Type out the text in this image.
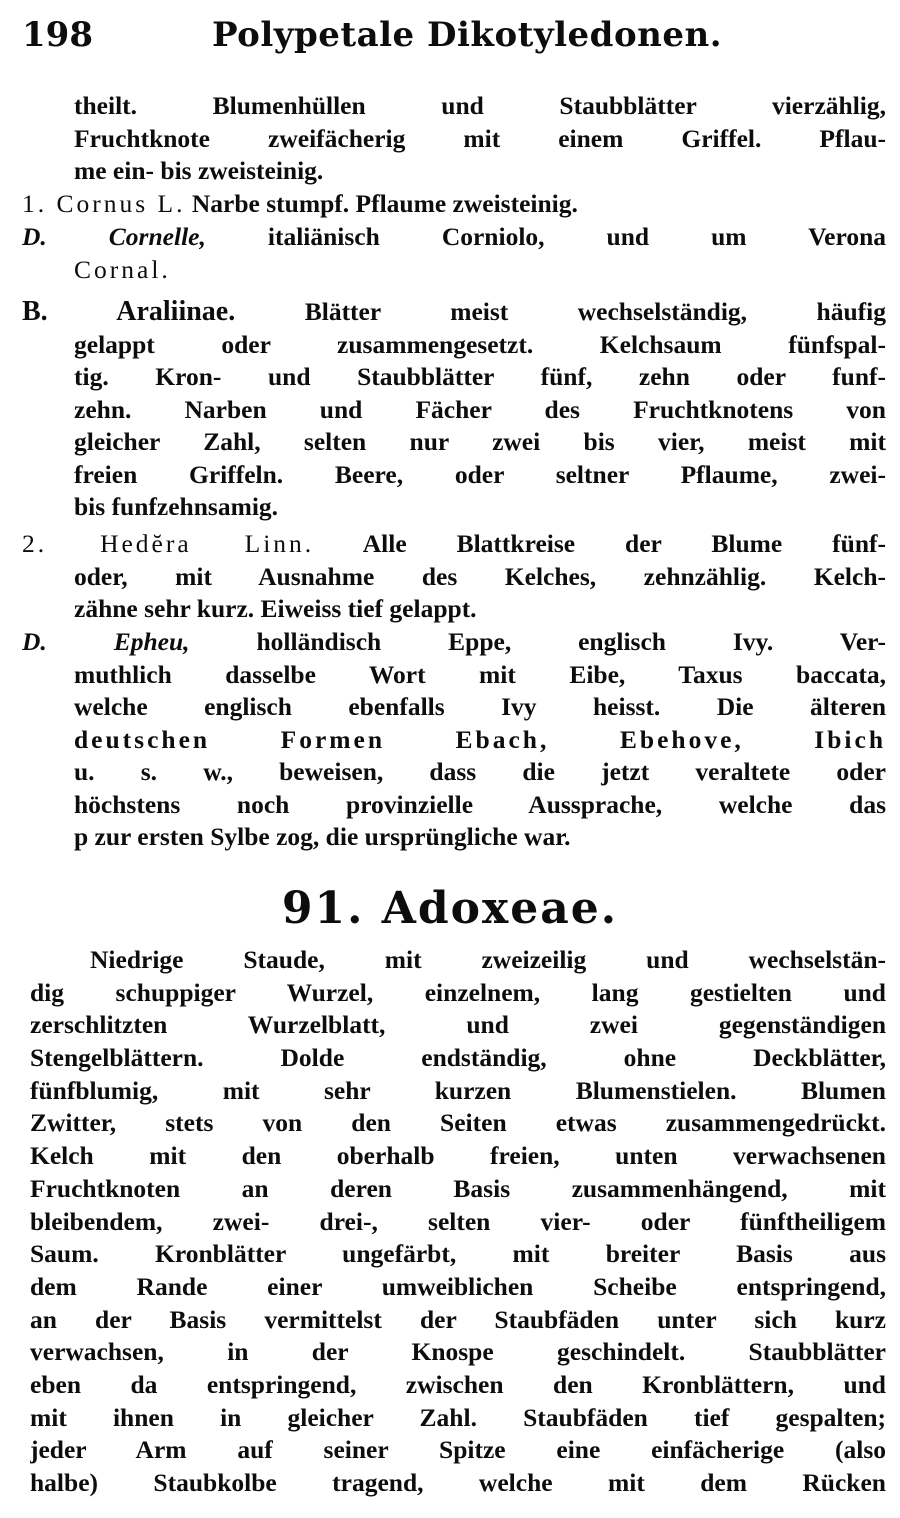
198	Polypetale Dikotyledonen.
theilt. Blumenhüllen und Staubblätter vierzählig,
Fruchtknote zweifächerig mit einem Griffel. Pflau-
me ein- bis zweisteinig.
1. Cornus L. Narbe stumpf. Pflaume zweisteinig.
D. Cornelle, italiänisch Corniolo, und um Verona
Cornal.
B. Araliinae. Blätter meist wechselständig, häufig
gelappt oder zusammengesetzt. Kelchsaum fünfspal-
tig. Kron- und Staubblätter fünf, zehn oder funf-
zehn. Narben und Fächer des Fruchtknotens von
gleicher Zahl, selten nur zwei bis vier, meist mit
freien Griffeln. Beere, oder seltner Pflaume, zwei-
bis funfzehnsamig.
2. Hedĕra Linn. Alle Blattkreise der Blume fünf-
oder, mit Ausnahme des Kelches, zehnzählig. Kelch-
zähne sehr kurz. Eiweiss tief gelappt.
D. Epheu, holländisch Eppe, englisch Ivy. Ver-
muthlich dasselbe Wort mit Eibe, Taxus baccata,
welche englisch ebenfalls Ivy heisst. Die älteren
deutschen Formen Ebach, Ebehove, Ibich
u. s. w., beweisen, dass die jetzt veraltete oder
höchstens noch provinzielle Aussprache, welche das
p zur ersten Sylbe zog, die ursprüngliche war.
91. Adoxeae.
Niedrige Staude, mit zweizeilig und wechselstän-
dig schuppiger Wurzel, einzelnem, lang gestielten und
zerschlitzten Wurzelblatt, und zwei gegenständigen
Stengelblättern. Dolde endständig, ohne Deckblätter,
fünfblumig, mit sehr kurzen Blumenstielen. Blumen
Zwitter, stets von den Seiten etwas zusammengedrückt.
Kelch mit den oberhalb freien, unten verwachsenen
Fruchtknoten an deren Basis zusammenhängend, mit
bleibendem, zwei- drei-, selten vier- oder fünftheiligem
Saum. Kronblätter ungefärbt, mit breiter Basis aus
dem Rande einer umweiblichen Scheibe entspringend,
an der Basis vermittelst der Staubfäden unter sich kurz
verwachsen, in der Knospe geschindelt. Staubblätter
eben da entspringend, zwischen den Kronblättern, und
mit ihnen in gleicher Zahl. Staubfäden tief gespalten;
jeder Arm auf seiner Spitze eine einfächerige (also
halbe) Staubkolbe tragend, welche mit dem Rücken
